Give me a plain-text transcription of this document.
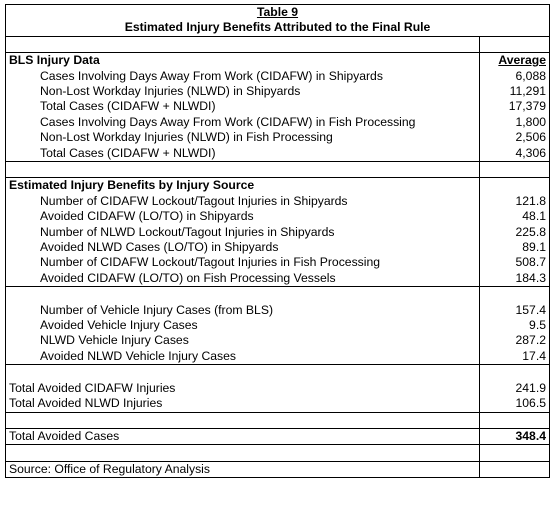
Table 9	
Estimated Injury Benefits Attributed to the Final Rule	

BLS Injury Data	Average
Cases Involving Days Away From Work (CIDAFW) in Shipyards	6,088
Non-Lost Workday Injuries (NLWD) in Shipyards	11,291
Total Cases (CIDAFW + NLWDI)	17,379
Cases Involving Days Away From Work (CIDAFW) in Fish Processing	1,800
Non-Lost Workday Injuries (NLWD) in Fish Processing	2,506
Total Cases (CIDAFW + NLWDI)	4,306

Estimated Injury Benefits by Injury Source	
Number of CIDAFW Lockout/Tagout Injuries in Shipyards	121.8
Avoided CIDAFW (LO/TO) in Shipyards	48.1
Number of NLWD Lockout/Tagout Injuries in Shipyards	225.8
Avoided NLWD Cases (LO/TO) in Shipyards	89.1
Number of CIDAFW Lockout/Tagout Injuries in Fish Processing	508.7
Avoided CIDAFW (LO/TO) on Fish Processing Vessels	184.3

Number of Vehicle Injury Cases (from BLS)	157.4
Avoided Vehicle Injury Cases	9.5
NLWD Vehicle Injury Cases	287.2
Avoided NLWD Vehicle Injury Cases	17.4

Total Avoided CIDAFW Injuries	241.9
Total Avoided NLWD Injuries	106.5

Total Avoided Cases	348.4

Source: Office of Regulatory Analysis	
